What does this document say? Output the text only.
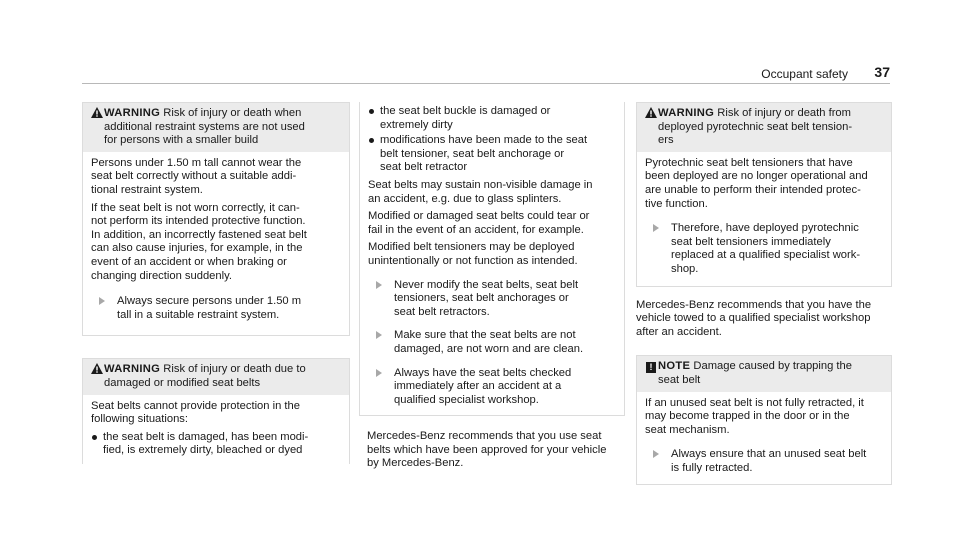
Occupant safety 37
WARNING Risk of injury or death when
additional restraint systems are not used
for persons with a smaller build

Persons under 1.50 m tall cannot wear the
seat belt correctly without a suitable addi-
tional restraint system.

If the seat belt is not worn correctly, it can-
not perform its intended protective function.
In addition, an incorrectly fastened seat belt
can also cause injuries, for example, in the
event of an accident or when braking or
changing direction suddenly.

Always secure persons under 1.50 m
tall in a suitable restraint system.
WARNING Risk of injury or death due to
damaged or modified seat belts

Seat belts cannot provide protection in the
following situations:

the seat belt is damaged, has been modi-
fied, is extremely dirty, bleached or dyed
the seat belt buckle is damaged or
extremely dirty
modifications have been made to the seat
belt tensioner, seat belt anchorage or
seat belt retractor

Seat belts may sustain non-visible damage in
an accident, e.g. due to glass splinters.

Modified or damaged seat belts could tear or
fail in the event of an accident, for example.

Modified belt tensioners may be deployed
unintentionally or not function as intended.

Never modify the seat belts, seat belt
tensioners, seat belt anchorages or
seat belt retractors.
Make sure that the seat belts are not
damaged, are not worn and are clean.
Always have the seat belts checked
immediately after an accident at a
qualified specialist workshop.
Mercedes-Benz recommends that you use seat
belts which have been approved for your vehicle
by Mercedes-Benz.
WARNING Risk of injury or death from
deployed pyrotechnic seat belt tension-
ers

Pyrotechnic seat belt tensioners that have
been deployed are no longer operational and
are unable to perform their intended protec-
tive function.

Therefore, have deployed pyrotechnic
seat belt tensioners immediately
replaced at a qualified specialist work-
shop.
Mercedes-Benz recommends that you have the
vehicle towed to a qualified specialist workshop
after an accident.
! NOTE Damage caused by trapping the
seat belt

If an unused seat belt is not fully retracted, it
may become trapped in the door or in the
seat mechanism.

Always ensure that an unused seat belt
is fully retracted.
